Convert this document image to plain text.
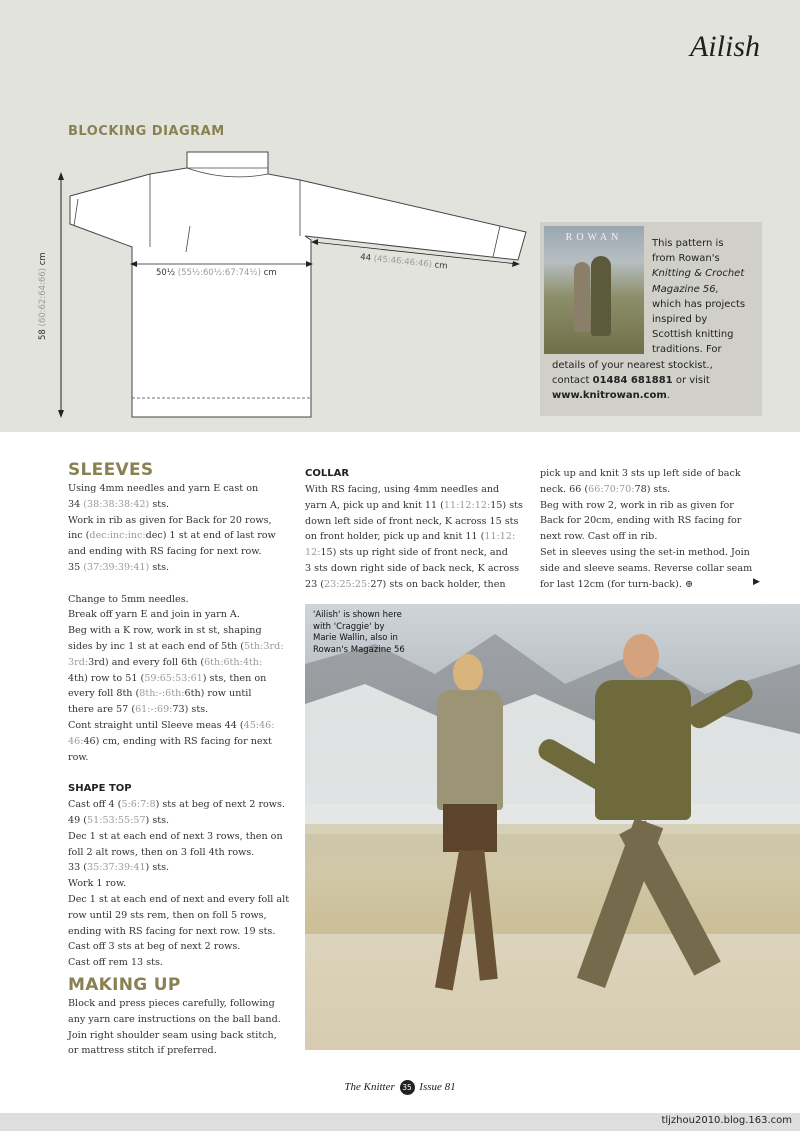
Ailish
BLOCKING DIAGRAM
50½ (55½:60½:67:74½) cm
44 (45:46:46:46) cm
58 (60:62:64:66) cm
ROWAN
This pattern is
from Rowan's
Knitting & Crochet
Magazine 56,
which has projects
inspired by
Scottish knitting
traditions. For
details of your nearest stockist.,
contact 01484 681881 or visit
www.knitrowan.com.
SLEEVES

Using 4mm needles and yarn E cast on

34 (38:38:38:42) sts.

Work in rib as given for Back for 20 rows,

inc (dec:inc:inc:dec) 1 st at end of last row

and ending with RS facing for next row.

35 (37:39:39:41) sts.

Change to 5mm needles.

Break off yarn E and join in yarn A.

Beg with a K row, work in st st, shaping

sides by inc 1 st at each end of 5th (5th:3rd:

3rd:3rd) and every foll 6th (6th:6th:4th:

4th) row to 51 (59:65:53:61) sts, then on

every foll 8th (8th:-:6th:6th) row until

there are 57 (61:-:69:73) sts.

Cont straight until Sleeve meas 44 (45:46:

46:46) cm, ending with RS facing for next

row.

SHAPE TOP

Cast off 4 (5:6:7:8) sts at beg of next 2 rows.

49 (51:53:55:57) sts.

Dec 1 st at each end of next 3 rows, then on

foll 2 alt rows, then on 3 foll 4th rows.

33 (35:37:39:41) sts.

Work 1 row.

Dec 1 st at each end of next and every foll alt

row until 29 sts rem, then on foll 5 rows,

ending with RS facing for next row. 19 sts.

Cast off 3 sts at beg of next 2 rows.

Cast off rem 13 sts.

MAKING UP

Block and press pieces carefully, following

any yarn care instructions on the ball band.

Join right shoulder seam using back stitch,

or mattress stitch if preferred.

COLLAR

With RS facing, using 4mm needles and

yarn A, pick up and knit 11 (11:12:12:15) sts

down left side of front neck, K across 15 sts

on front holder, pick up and knit 11 (11:12:

12:15) sts up right side of front neck, and

3 sts down right side of back neck, K across

23 (23:25:25:27) sts on back holder, then

pick up and knit 3 sts up left side of back

neck. 66 (66:70:70:78) sts.

Beg with row 2, work in rib as given for

Back for 20cm, ending with RS facing for

next row. Cast off in rib.

Set in sleeves using the set-in method. Join

side and sleeve seams. Reverse collar seam

for last 12cm (for turn-back). ⊕	▶
'Ailish' is shown here
with 'Craggie' by
Marie Wallin, also in
Rowan's Magazine 56
The Knitter 35 Issue 81
tljzhou2010.blog.163.com
